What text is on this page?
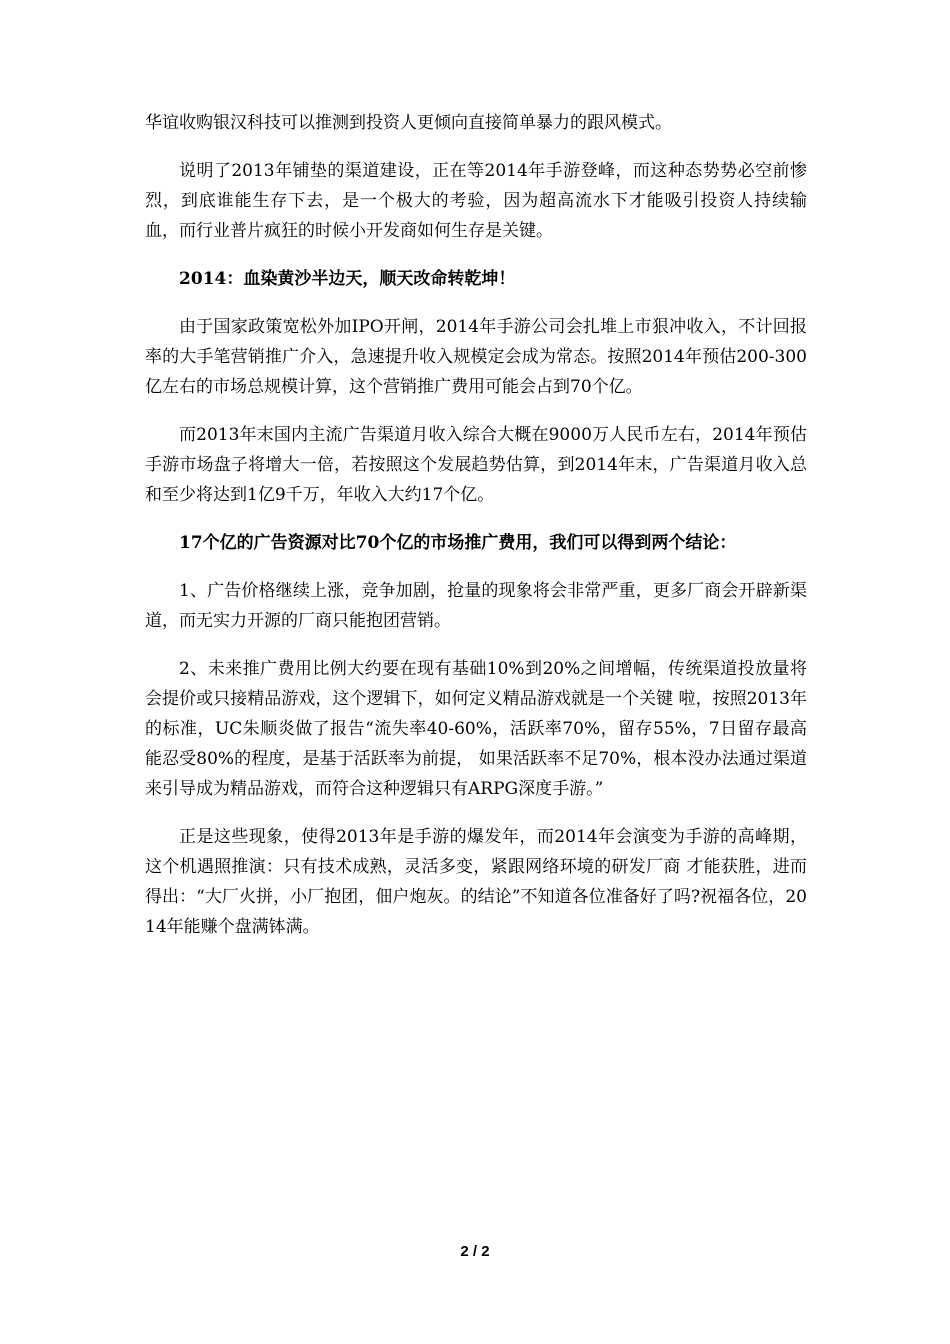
华谊收购银汉科技可以推测到投资人更倾向直接简单暴力的跟风模式。

说明了2013年铺垫的渠道建设，正在等2014年手游登峰，而这种态势势必空前惨烈，到底谁能生存下去，是一个极大的考验，因为超高流水下才能吸引投资人持续输血，而行业普片疯狂的时候小开发商如何生存是关键。

2014：血染黄沙半边天，顺天改命转乾坤！

由于国家政策宽松外加IPO开闸，2014年手游公司会扎堆上市狠冲收入，不计回报率的大手笔营销推广介入，急速提升收入规模定会成为常态。按照2014年预估200-300亿左右的市场总规模计算，这个营销推广费用可能会占到70个亿。

而2013年末国内主流广告渠道月收入综合大概在9000万人民币左右，2014年预估手游市场盘子将增大一倍，若按照这个发展趋势估算，到2014年末，广告渠道月收入总和至少将达到1亿9千万，年收入大约17个亿。

17个亿的广告资源对比70个亿的市场推广费用，我们可以得到两个结论：

1、广告价格继续上涨，竞争加剧，抢量的现象将会非常严重，更多厂商会开辟新渠道，而无实力开源的厂商只能抱团营销。

2、未来推广费用比例大约要在现有基础10%到20%之间增幅，传统渠道投放量将会提价或只接精品游戏，这个逻辑下，如何定义精品游戏就是一个关键 啦，按照2013年的标准，UC朱顺炎做了报告“流失率40-60%，活跃率70%，留存55%，7日留存最高能忍受80%的程度，是基于活跃率为前提， 如果活跃率不足70%，根本没办法通过渠道来引导成为精品游戏，而符合这种逻辑只有ARPG深度手游。”

正是这些现象，使得2013年是手游的爆发年，而2014年会演变为手游的高峰期，这个机遇照推演：只有技术成熟，灵活多变，紧跟网络环境的研发厂商 才能获胜，进而得出：“大厂火拼，小厂抱团，佃户炮灰。的结论”不知道各位准备好了吗?祝福各位，2014年能赚个盘满钵满。

2 / 2
